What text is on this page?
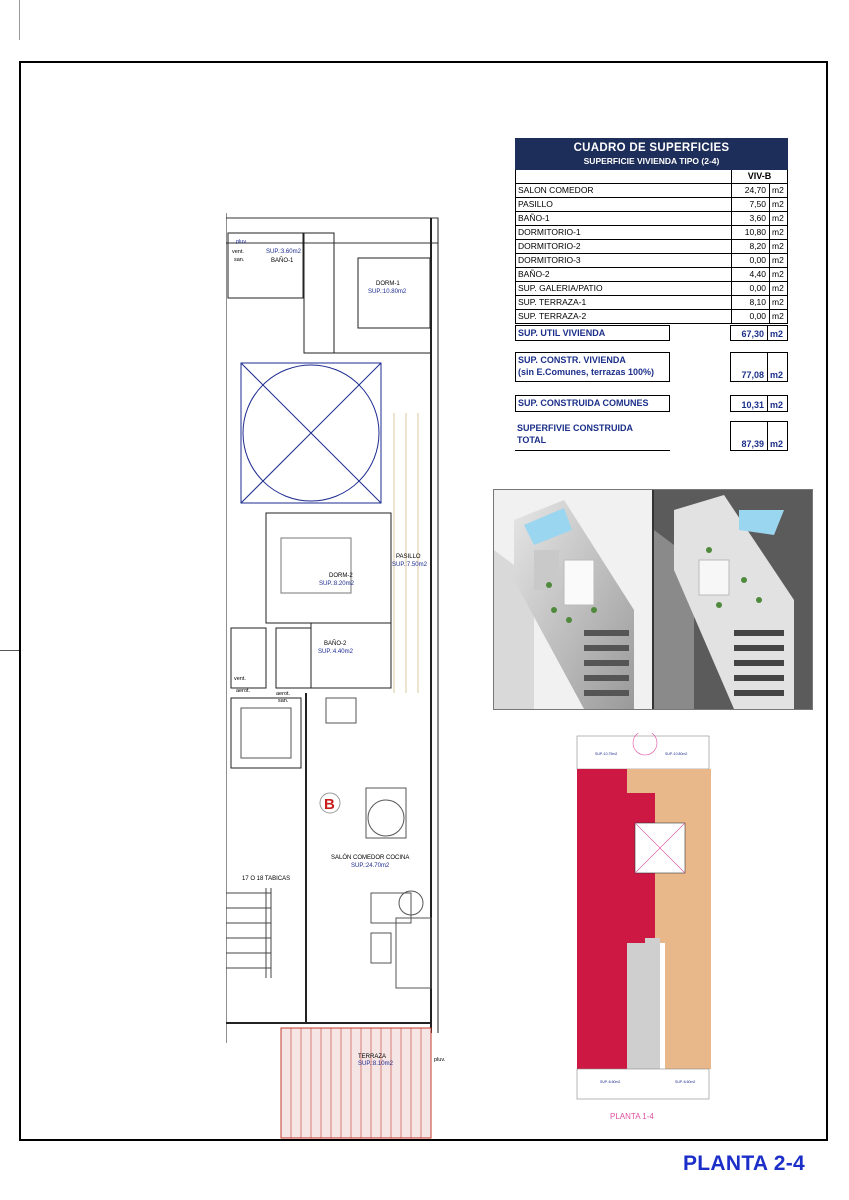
CUADRO DE SUPERFICIES
SUPERFICIE VIVIENDA TIPO (2-4)
VIV-B
SALON COMEDOR	24,70 m2
PASILLO	7,50 m2
BAÑO-1	3,60 m2
DORMITORIO-1	10,80 m2
DORMITORIO-2	8,20 m2
DORMITORIO-3	0,00 m2
BAÑO-2	4,40 m2
SUP. GALERIA/PATIO	0,00 m2
SUP. TERRAZA-1	8,10 m2
SUP. TERRAZA-2	0,00 m2
SUP. UTIL VIVIENDA	67,30 m2
SUP. CONSTR. VIVIENDA
(sin E.Comunes, terrazas 100%)	77,08 m2
SUP. CONSTRUIDA COMUNES	10,31 m2
SUPERFIVIE CONSTRUIDA
TOTAL	87,39 m2
pluv.
vent.
san.
SUP.:3.60m2
BAÑO-1
DORM-1
SUP.:10.80m2
PASILLO
SUP.:7.50m2
DORM-2
SUP.:8.20m2
BAÑO-2
SUP.:4.40m2
vent.
aerot.	aerot.
san.
B
SALÓN COMEDOR COCINA
SUP.:24.70m2
17 O 18 TABICAS
TERRAZA
SUP.:8.10m2
pluv.
SUP.:10.75m2	SUP.:10.80m2
SUP.:6.60m2	SUP.:6.60m2
PLANTA 1-4
PLANTA 2-4
